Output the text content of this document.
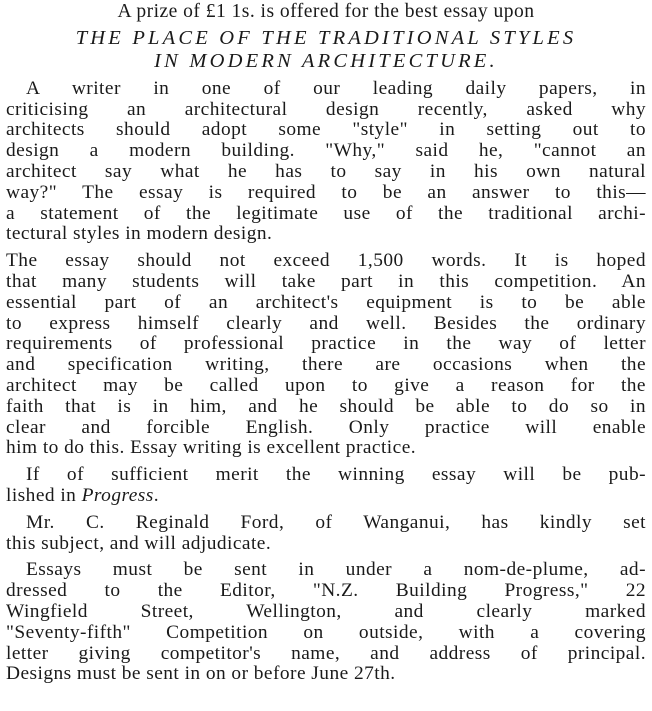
A prize of £1 1s. is offered for the best essay upon
THE PLACE OF THE TRADITIONAL STYLES
IN MODERN ARCHITECTURE.
A writer in one of our leading daily papers, in
criticising an architectural design recently, asked why
architects should adopt some "style" in setting out to
design a modern building. "Why," said he, "cannot an
architect say what he has to say in his own natural
way?" The essay is required to be an answer to this—
a statement of the legitimate use of the traditional archi-
tectural styles in modern design.
The essay should not exceed 1,500 words. It is hoped
that many students will take part in this competition. An
essential part of an architect's equipment is to be able
to express himself clearly and well. Besides the ordinary
requirements of professional practice in the way of letter
and specification writing, there are occasions when the
architect may be called upon to give a reason for the
faith that is in him, and he should be able to do so in
clear and forcible English. Only practice will enable
him to do this. Essay writing is excellent practice.
If of sufficient merit the winning essay will be pub-
lished in Progress.
Mr. C. Reginald Ford, of Wanganui, has kindly set
this subject, and will adjudicate.
Essays must be sent in under a nom-de-plume, ad-
dressed to the Editor, "N.Z. Building Progress," 22
Wingfield Street, Wellington, and clearly marked
"Seventy-fifth" Competition on outside, with a covering
letter giving competitor's name, and address of principal.
Designs must be sent in on or before June 27th.
